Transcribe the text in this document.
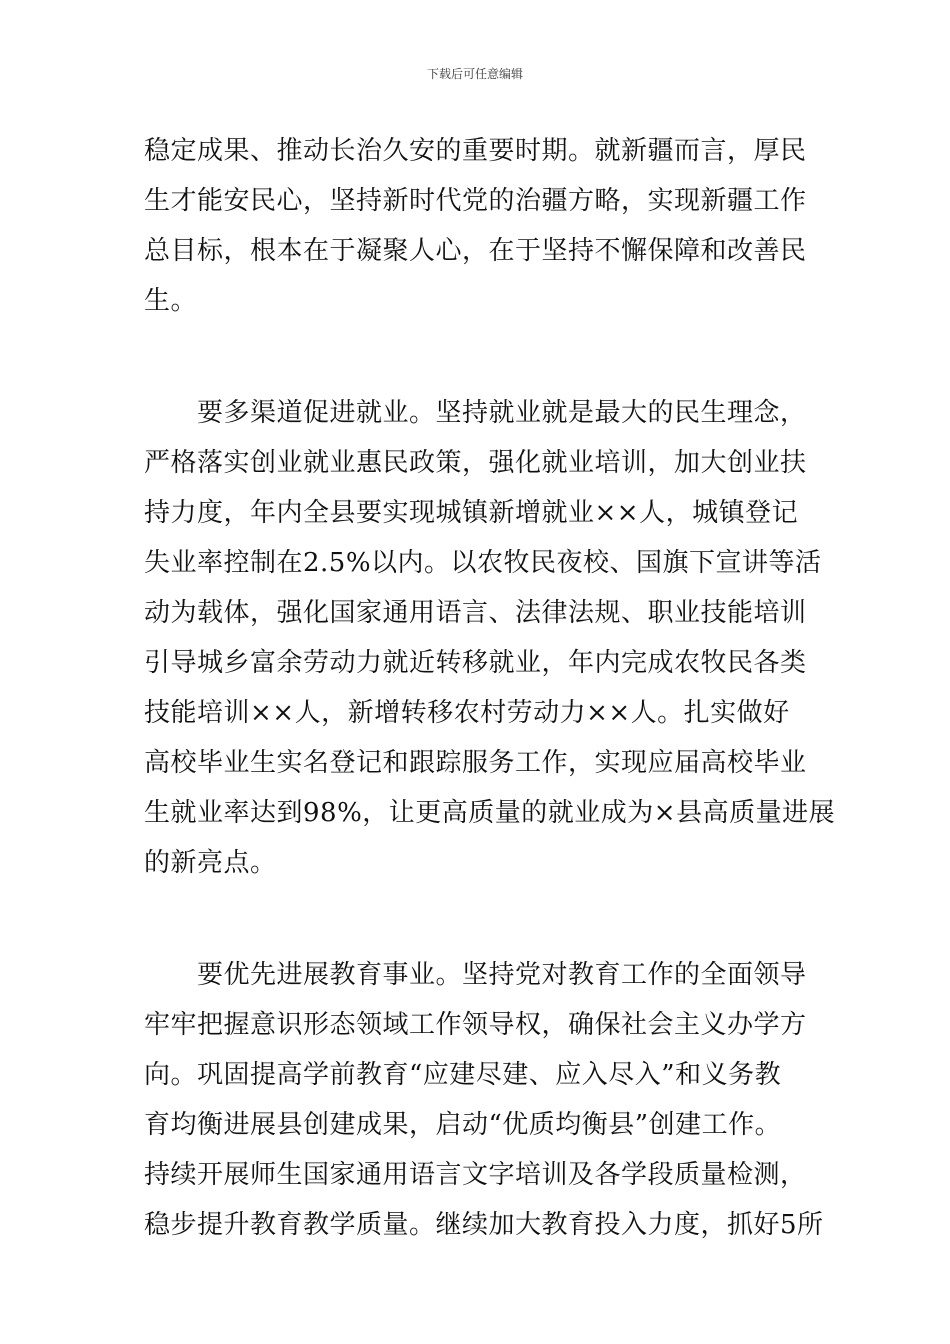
下载后可任意编辑
稳定成果、推动长治久安的重要时期。就新疆而言，厚民
生才能安民心，坚持新时代党的治疆方略，实现新疆工作
总目标，根本在于凝聚人心，在于坚持不懈保障和改善民
生。
　　要多渠道促进就业。坚持就业就是最大的民生理念，
严格落实创业就业惠民政策，强化就业培训，加大创业扶
持力度，年内全县要实现城镇新增就业××人，城镇登记
失业率控制在2.5%以内。以农牧民夜校、国旗下宣讲等活
动为载体，强化国家通用语言、法律法规、职业技能培训
引导城乡富余劳动力就近转移就业，年内完成农牧民各类
技能培训××人，新增转移农村劳动力××人。扎实做好
高校毕业生实名登记和跟踪服务工作，实现应届高校毕业
生就业率达到98%，让更高质量的就业成为×县高质量进展
的新亮点。
　　要优先进展教育事业。坚持党对教育工作的全面领导
牢牢把握意识形态领域工作领导权，确保社会主义办学方
向。巩固提高学前教育“应建尽建、应入尽入”和义务教
育均衡进展县创建成果，启动“优质均衡县”创建工作。
持续开展师生国家通用语言文字培训及各学段质量检测，
稳步提升教育教学质量。继续加大教育投入力度，抓好5所
